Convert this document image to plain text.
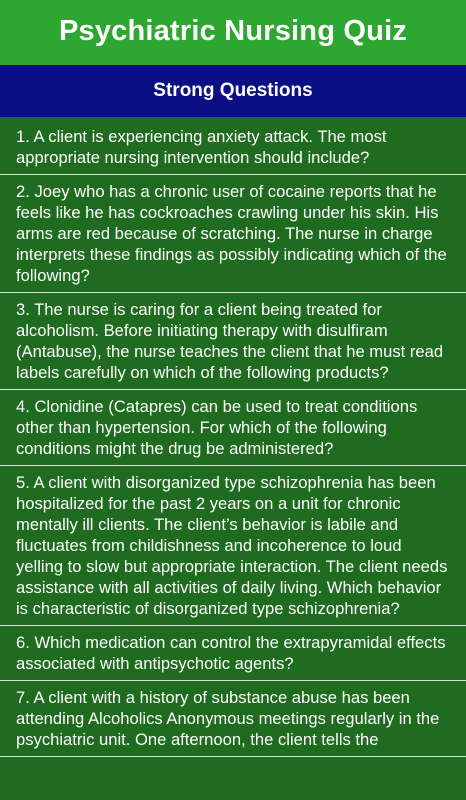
Psychiatric Nursing Quiz
Strong Questions
1. A client is experiencing anxiety attack. The most appropriate nursing intervention should include?
2. Joey who has a chronic user of cocaine reports that he feels like he has cockroaches crawling under his skin. His arms are red because of scratching. The nurse in charge interprets these findings as possibly indicating which of the following?
3. The nurse is caring for a client being treated for alcoholism. Before initiating therapy with disulfiram (Antabuse), the nurse teaches the client that he must read labels carefully on which of the following products?
4. Clonidine (Catapres) can be used to treat conditions other than hypertension. For which of the following conditions might the drug be administered?
5. A client with disorganized type schizophrenia has been hospitalized for the past 2 years on a unit for chronic mentally ill clients. The client’s behavior is labile and fluctuates from childishness and incoherence to loud yelling to slow but appropriate interaction. The client needs assistance with all activities of daily living. Which behavior is characteristic of disorganized type schizophrenia?
6. Which medication can control the extrapyramidal effects associated with antipsychotic agents?
7. A client with a history of substance abuse has been attending Alcoholics Anonymous meetings regularly in the psychiatric unit. One afternoon, the client tells the
